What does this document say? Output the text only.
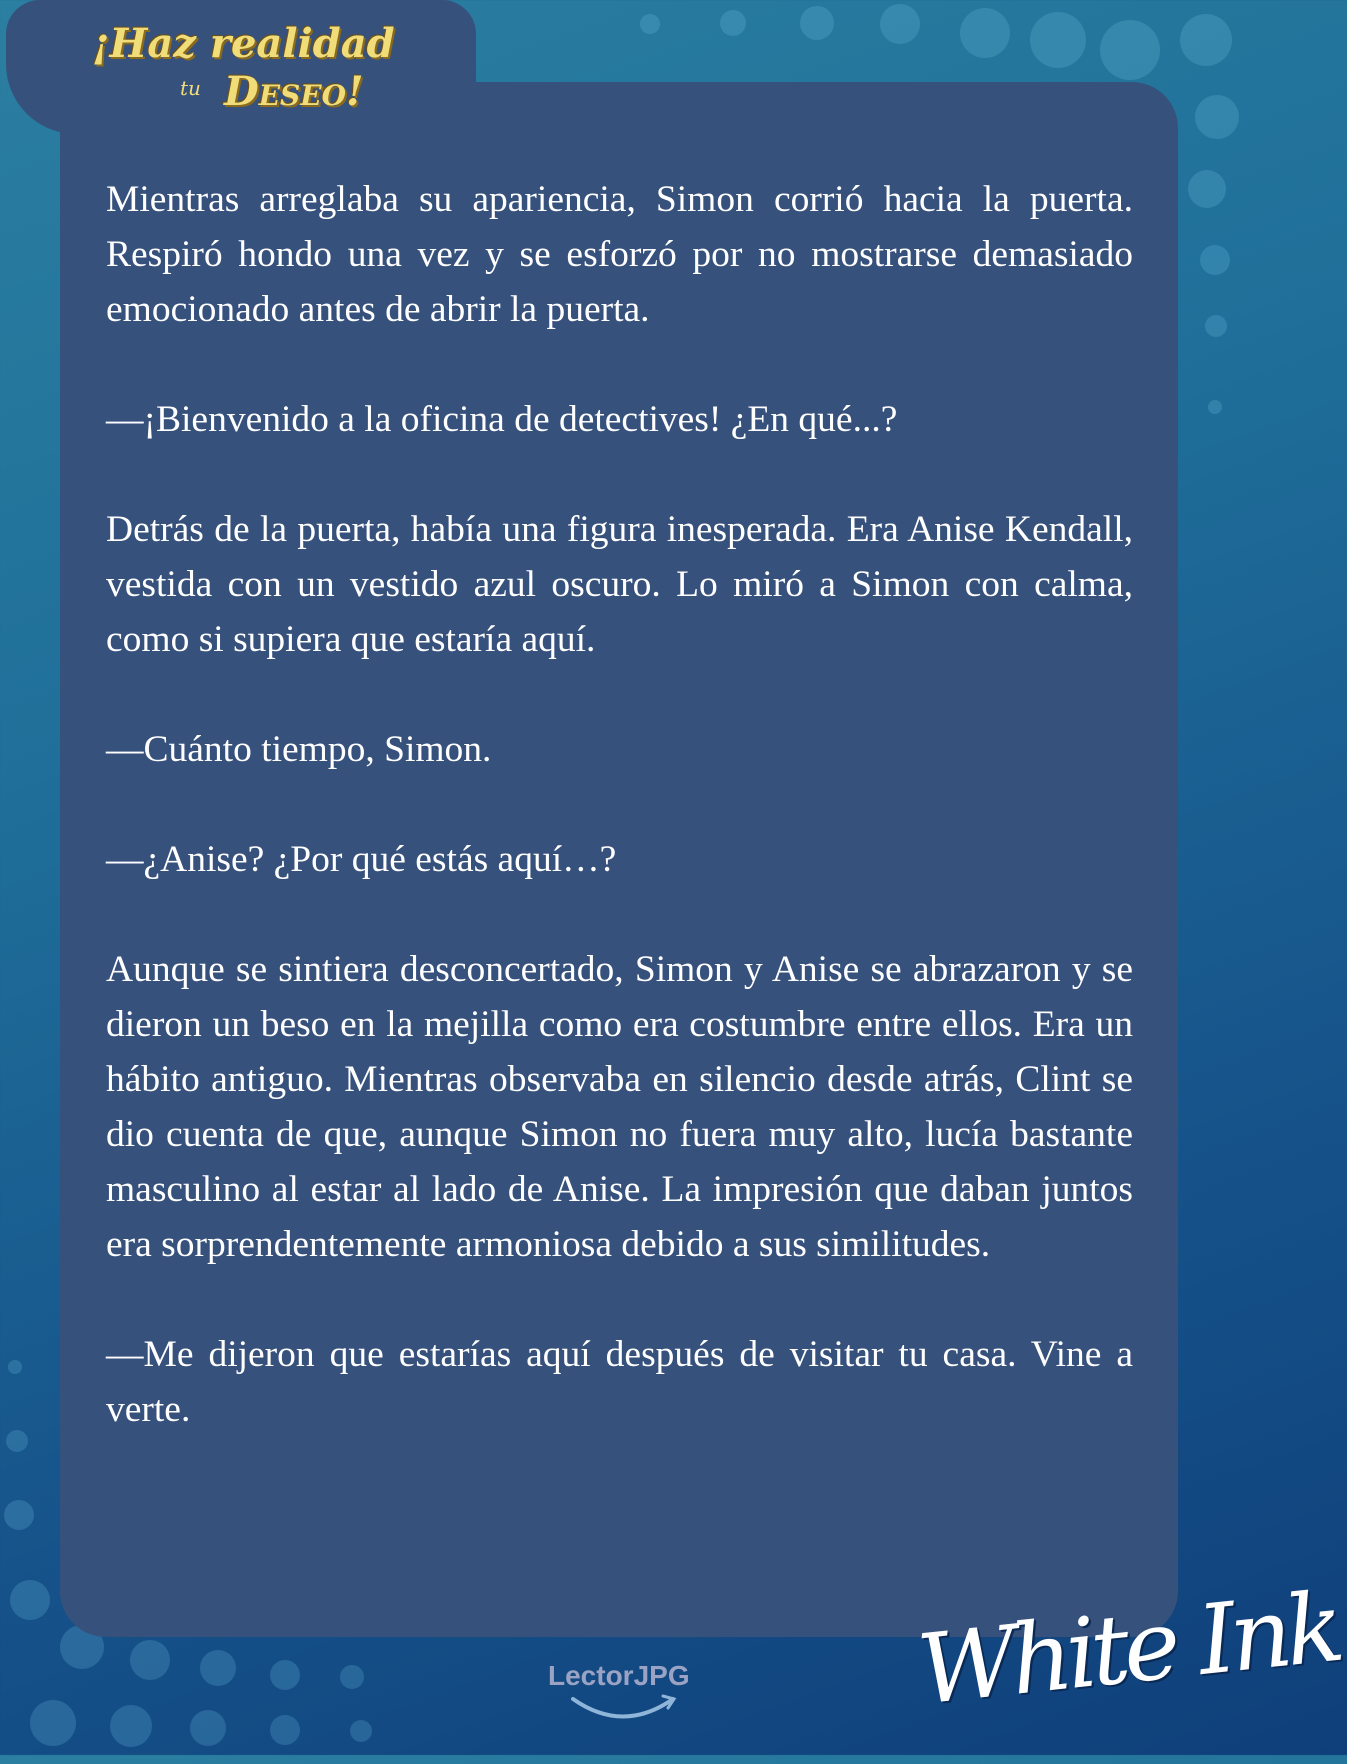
¡Haz realidad
tu Deseo!

Mientras arreglaba su apariencia, Simon corrió hacia la puerta. Respiró hondo una vez y se esforzó por no mostrarse demasiado emocionado antes de abrir la puerta.

—¡Bienvenido a la oficina de detectives! ¿En qué...?

Detrás de la puerta, había una figura inesperada. Era Anise Kendall, vestida con un vestido azul oscuro. Lo miró a Simon con calma, como si supiera que estaría aquí.

—Cuánto tiempo, Simon.

—¿Anise? ¿Por qué estás aquí…?

Aunque se sintiera desconcertado, Simon y Anise se abrazaron y se dieron un beso en la mejilla como era costumbre entre ellos. Era un hábito antiguo. Mientras observaba en silencio desde atrás, Clint se dio cuenta de que, aunque Simon no fuera muy alto, lucía bastante masculino al estar al lado de Anise. La impresión que daban juntos era sorprendentemente armoniosa debido a sus similitudes.

—Me dijeron que estarías aquí después de visitar tu casa. Vine a verte.

LectorJPG White Ink
